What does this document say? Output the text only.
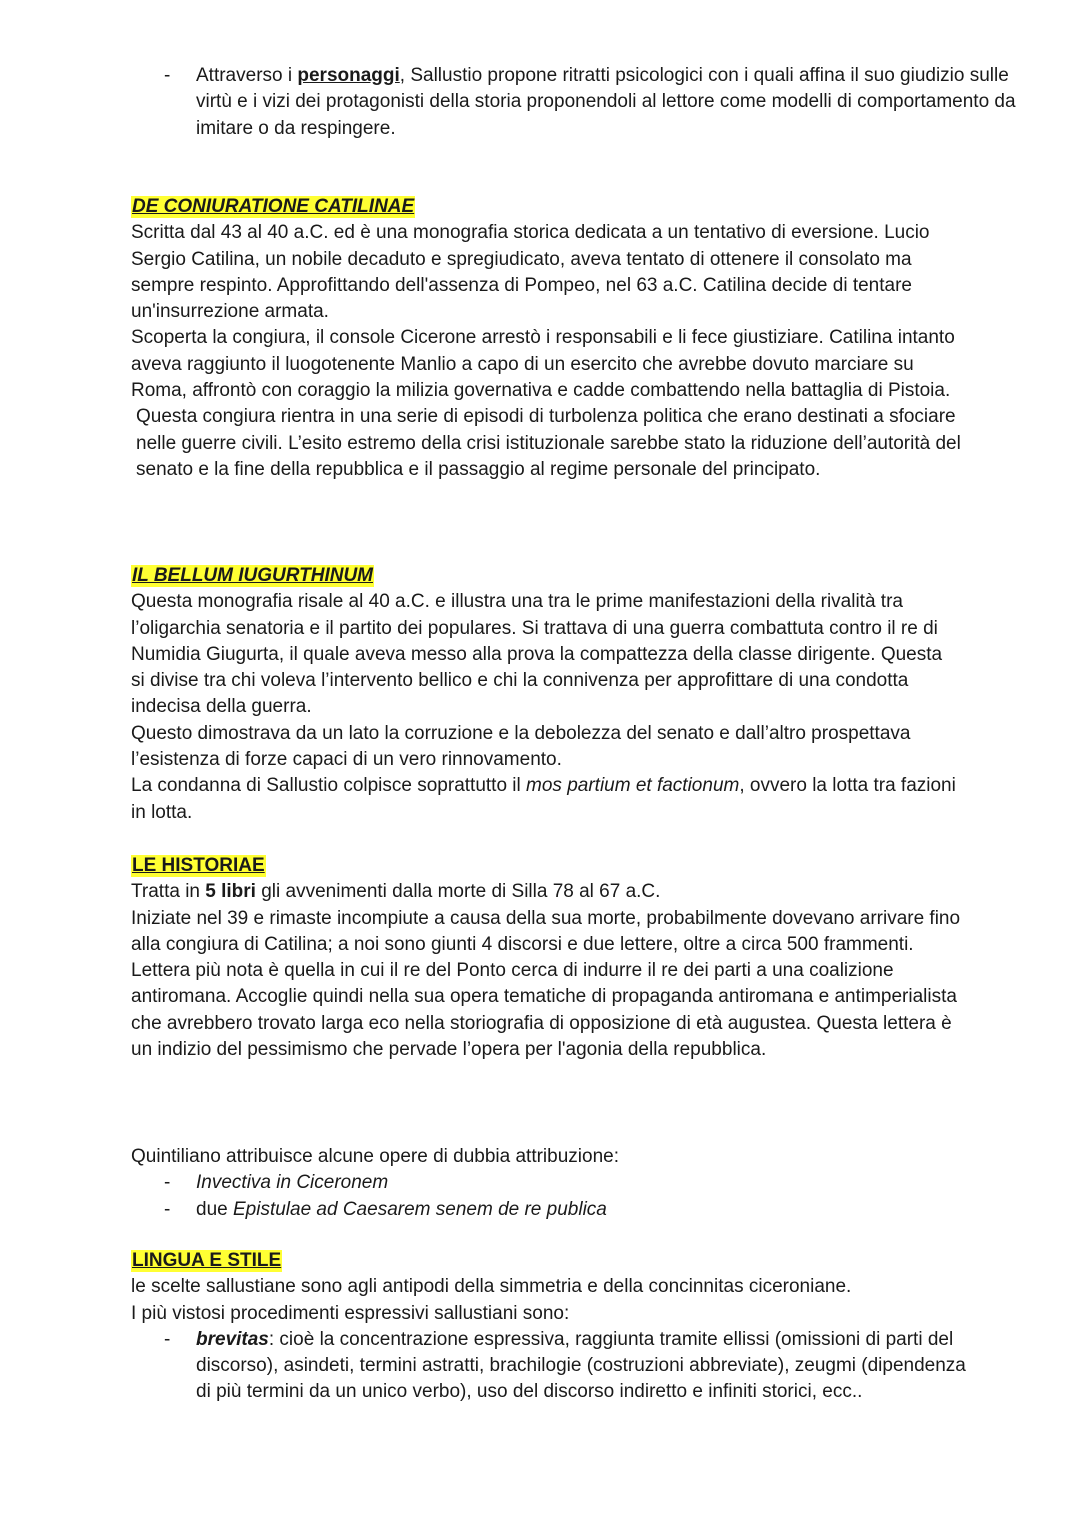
- Attraverso i personaggi, Sallustio propone ritratti psicologici con i quali affina il suo giudizio sulle virtù e i vizi dei protagonisti della storia proponendoli al lettore come modelli di comportamento da imitare o da respingere.

DE CONIURATIONE CATILINAE

Scritta dal 43 al 40 a.C. ed è una monografia storica dedicata a un tentativo di eversione. Lucio Sergio Catilina, un nobile decaduto e spregiudicato, aveva tentato di ottenere il consolato ma sempre respinto. Approfittando dell'assenza di Pompeo, nel 63 a.C. Catilina decide di tentare un'insurrezione armata.

Scoperta la congiura, il console Cicerone arrestò i responsabili e li fece giustiziare. Catilina intanto aveva raggiunto il luogotenente Manlio a capo di un esercito che avrebbe dovuto marciare su Roma, affrontò con coraggio la milizia governativa e cadde combattendo nella battaglia di Pistoia.

Questa congiura rientra in una serie di episodi di turbolenza politica che erano destinati a sfociare nelle guerre civili. L’esito estremo della crisi istituzionale sarebbe stato la riduzione dell’autorità del senato e la fine della repubblica e il passaggio al regime personale del principato.

IL BELLUM IUGURTHINUM

Questa monografia risale al 40 a.C. e illustra una tra le prime manifestazioni della rivalità tra l’oligarchia senatoria e il partito dei populares. Si trattava di una guerra combattuta contro il re di Numidia Giugurta, il quale aveva messo alla prova la compattezza della classe dirigente. Questa si divise tra chi voleva l’intervento bellico e chi la connivenza per approfittare di una condotta indecisa della guerra.

Questo dimostrava da un lato la corruzione e la debolezza del senato e dall’altro prospettava l’esistenza di forze capaci di un vero rinnovamento.

La condanna di Sallustio colpisce soprattutto il mos partium et factionum, ovvero la lotta tra fazioni in lotta.

LE HISTORIAE

Tratta in 5 libri gli avvenimenti dalla morte di Silla 78 al 67 a.C.

Iniziate nel 39 e rimaste incompiute a causa della sua morte, probabilmente dovevano arrivare fino alla congiura di Catilina; a noi sono giunti 4 discorsi e due lettere, oltre a circa 500 frammenti.

Lettera più nota è quella in cui il re del Ponto cerca di indurre il re dei parti a una coalizione antiromana. Accoglie quindi nella sua opera tematiche di propaganda antiromana e antimperialista che avrebbero trovato larga eco nella storiografia di opposizione di età augustea. Questa lettera è un indizio del pessimismo che pervade l’opera per l'agonia della repubblica.

Quintiliano attribuisce alcune opere di dubbia attribuzione:

- Invectiva in Ciceronem
- due Epistulae ad Caesarem senem de re publica
LINGUA E STILE

le scelte sallustiane sono agli antipodi della simmetria e della concinnitas ciceroniane.

I più vistosi procedimenti espressivi sallustiani sono:

- brevitas: cioè la concentrazione espressiva, raggiunta tramite ellissi (omissioni di parti del discorso), asindeti, termini astratti, brachilogie (costruzioni abbreviate), zeugmi (dipendenza di più termini da un unico verbo), uso del discorso indiretto e infiniti storici, ecc..
